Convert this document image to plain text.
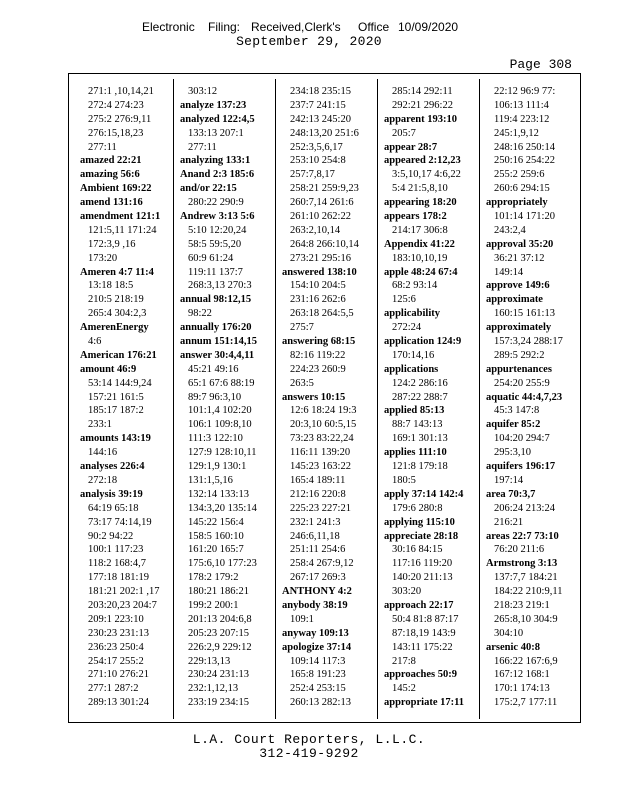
Electronic Filing: Received,Clerk's Office 10/09/2020
September 29, 2020
Page 308
271:1 ,10,14,21
272:4 274:23
275:2 276:9,11
276:15,18,23
277:11
amazed 22:21
amazing 56:6
Ambient 169:22
amend 131:16
amendment 121:1
121:5,11 171:24
172:3,9 ,16
173:20
Ameren 4:7 11:4
13:18 18:5
210:5 218:19
265:4 304:2,3
AmerenEnergy
4:6
American 176:21
amount 46:9
53:14 144:9,24
157:21 161:5
185:17 187:2
233:1
amounts 143:19
144:16
analyses 226:4
272:18
analysis 39:19
64:19 65:18
73:17 74:14,19
90:2 94:22
100:1 117:23
118:2 168:4,7
177:18 181:19
181:21 202:1 ,17
203:20,23 204:7
209:1 223:10
230:23 231:13
236:23 250:4
254:17 255:2
271:10 276:21
277:1 287:2
289:13 301:24
303:12
analyze 137:23
analyzed 122:4,5
133:13 207:1
277:11
analyzing 133:1
Anand 2:3 185:6
and/or 22:15
280:22 290:9
Andrew 3:13 5:6
5:10 12:20,24
58:5 59:5,20
60:9 61:24
119:11 137:7
268:3,13 270:3
annual 98:12,15
98:22
annually 176:20
annum 151:14,15
answer 30:4,4,11
45:21 49:16
65:1 67:6 88:19
89:7 96:3,10
101:1,4 102:20
106:1 109:8,10
111:3 122:10
127:9 128:10,11
129:1,9 130:1
131:1,5,16
132:14 133:13
134:3,20 135:14
145:22 156:4
158:5 160:10
161:20 165:7
175:6,10 177:23
178:2 179:2
180:21 186:21
199:2 200:1
201:13 204:6,8
205:23 207:15
226:2,9 229:12
229:13,13
230:24 231:13
232:1,12,13
233:19 234:15
234:18 235:15
237:7 241:15
242:13 245:20
248:13,20 251:6
252:3,5,6,17
253:10 254:8
257:7,8,17
258:21 259:9,23
260:7,14 261:6
261:10 262:22
263:2,10,14
264:8 266:10,14
273:21 295:16
answered 138:10
154:10 204:5
231:16 262:6
263:18 264:5,5
275:7
answering 68:15
82:16 119:22
224:23 260:9
263:5
answers 10:15
12:6 18:24 19:3
20:3,10 60:5,15
73:23 83:22,24
116:11 139:20
145:23 163:22
165:4 189:11
212:16 220:8
225:23 227:21
232:1 241:3
246:6,11,18
251:11 254:6
258:4 267:9,12
267:17 269:3
ANTHONY 4:2
anybody 38:19
109:1
anyway 109:13
apologize 37:14
109:14 117:3
165:8 191:23
252:4 253:15
260:13 282:13
285:14 292:11
292:21 296:22
apparent 193:10
205:7
appear 28:7
appeared 2:12,23
3:5,10,17 4:6,22
5:4 21:5,8,10
appearing 18:20
appears 178:2
214:17 306:8
Appendix 41:22
183:10,10,19
apple 48:24 67:4
68:2 93:14
125:6
applicability
272:24
application 124:9
170:14,16
applications
124:2 286:16
287:22 288:7
applied 85:13
88:7 143:13
169:1 301:13
applies 111:10
121:8 179:18
180:5
apply 37:14 142:4
179:6 280:8
applying 115:10
appreciate 28:18
30:16 84:15
117:16 119:20
140:20 211:13
303:20
approach 22:17
50:4 81:8 87:17
87:18,19 143:9
143:11 175:22
217:8
approaches 50:9
145:2
appropriate 17:11
22:12 96:9 77:
106:13 111:4
119:4 223:12
245:1,9,12
248:16 250:14
250:16 254:22
255:2 259:6
260:6 294:15
appropriately
101:14 171:20
243:2,4
approval 35:20
36:21 37:12
149:14
approve 149:6
approximate
160:15 161:13
approximately
157:3,24 288:17
289:5 292:2
appurtenances
254:20 255:9
aquatic 44:4,7,23
45:3 147:8
aquifer 85:2
104:20 294:7
295:3,10
aquifers 196:17
197:14
area 70:3,7
206:24 213:24
216:21
areas 22:7 73:10
76:20 211:6
Armstrong 3:13
137:7,7 184:21
184:22 210:9,11
218:23 219:1
265:8,10 304:9
304:10
arsenic 40:8
166:22 167:6,9
167:12 168:1
170:1 174:13
175:2,7 177:11
L.A. Court Reporters, L.L.C.
312-419-9292
